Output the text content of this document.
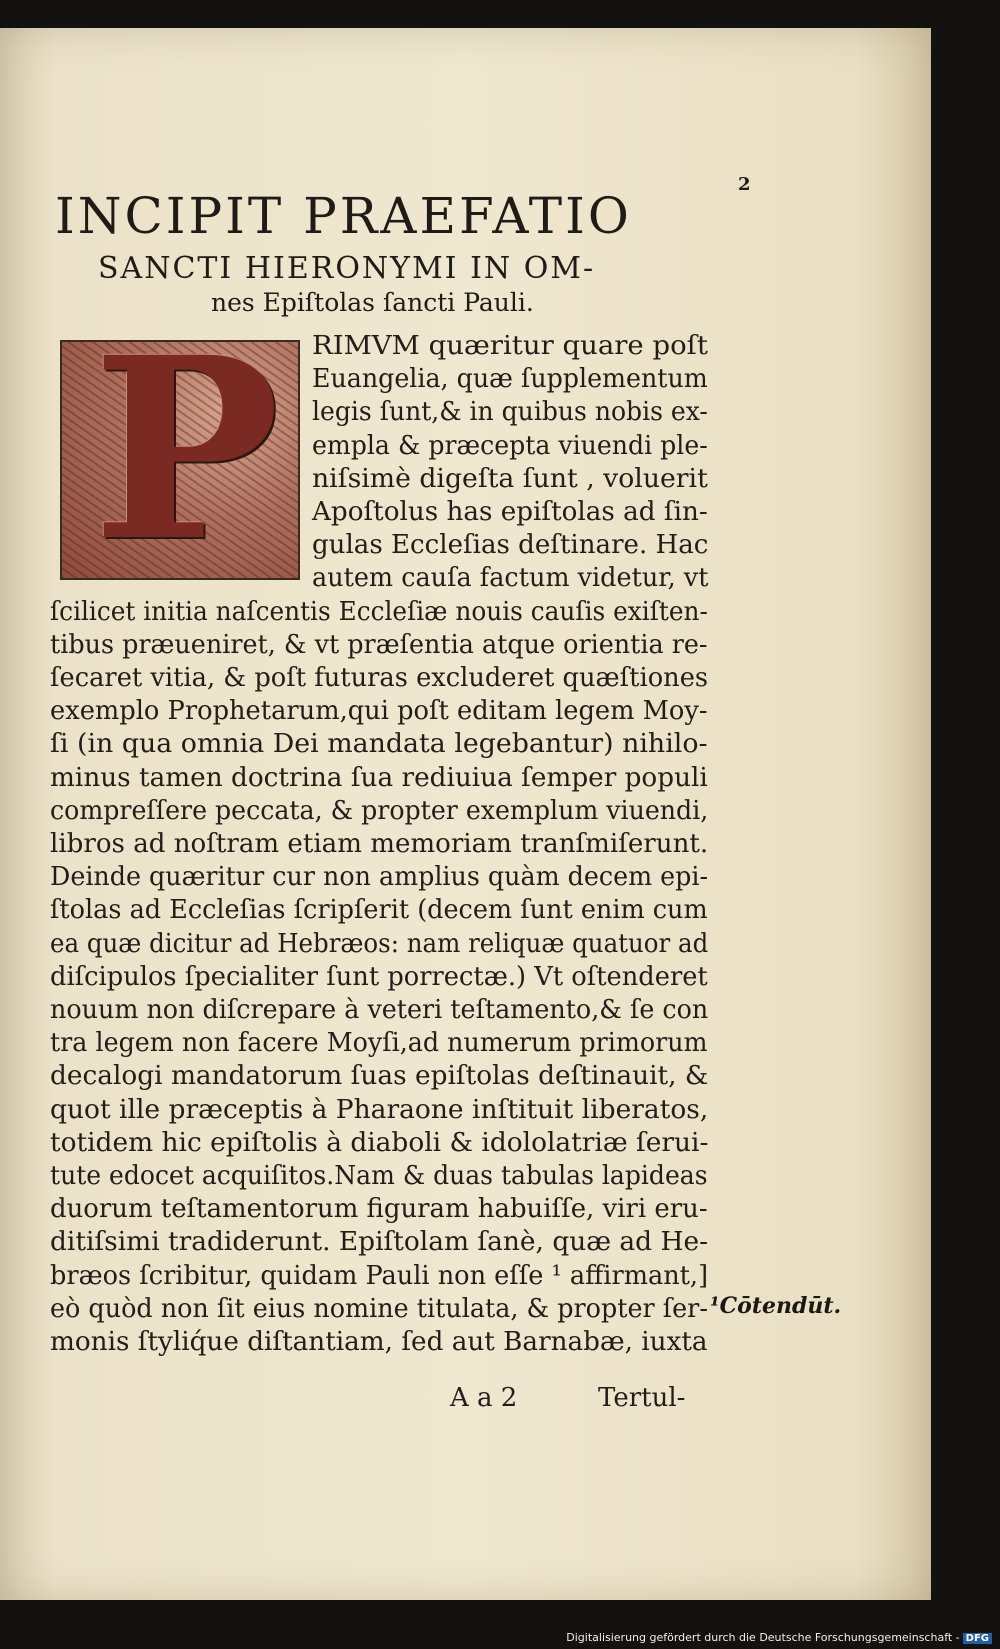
2
INCIPIT PRAEFATIO
SANCTI HIERONYMI IN OM-
nes Epiſtolas ſancti Pauli.
P RIMVM quæritur quare poſt
Euangelia, quæ ſupplementum
legis ſunt,& in quibus nobis ex-
empla & præcepta viuendi ple-
niſsimè digeſta ſunt , voluerit
Apoſtolus has epiſtolas ad ſin-
gulas Eccleſias deſtinare. Hac
autem cauſa factum videtur, vt
ſcilicet initia naſcentis Eccleſiæ nouis cauſis exiſten-
tibus præueniret, & vt præſentia atque orientia re-
ſecaret vitia, & poſt futuras excluderet quæſtiones
exemplo Prophetarum,qui poſt editam legem Moy-
ſi (in qua omnia Dei mandata legebantur) nihilo-
minus tamen doctrina ſua rediuiua ſemper populi
compreſſere peccata, & propter exemplum viuendi,
libros ad noſtram etiam memoriam tranſmiſerunt.
Deinde quæritur cur non amplius quàm decem epi-
ſtolas ad Eccleſias ſcripſerit (decem ſunt enim cum
ea quæ dicitur ad Hebræos: nam reliquæ quatuor ad
diſcipulos ſpecialiter ſunt porrectæ.) Vt oſtenderet
nouum non diſcrepare à veteri teſtamento,& ſe con
tra legem non facere Moyſi,ad numerum primorum
decalogi mandatorum ſuas epiſtolas deſtinauit, &
quot ille præceptis à Pharaone inſtituit liberatos,
totidem hic epiſtolis à diaboli & idololatriæ ſerui-
tute edocet acquiſitos.Nam & duas tabulas lapideas
duorum teſtamentorum figuram habuiſſe, viri eru-
ditiſsimi tradiderunt. Epiſtolam ſanè, quæ ad He-
bræos ſcribitur, quidam Pauli non eſſe ¹ affirmant,]
eò quòd non ſit eius nomine titulata, & propter ſer-
monis ſtyliq́ue diſtantiam, ſed aut Barnabæ, iuxta
¹Cōtendūt.
A a 2	Tertul-
Digitalisierung gefördert durch die Deutsche Forschungsgemeinschaft - DFG
